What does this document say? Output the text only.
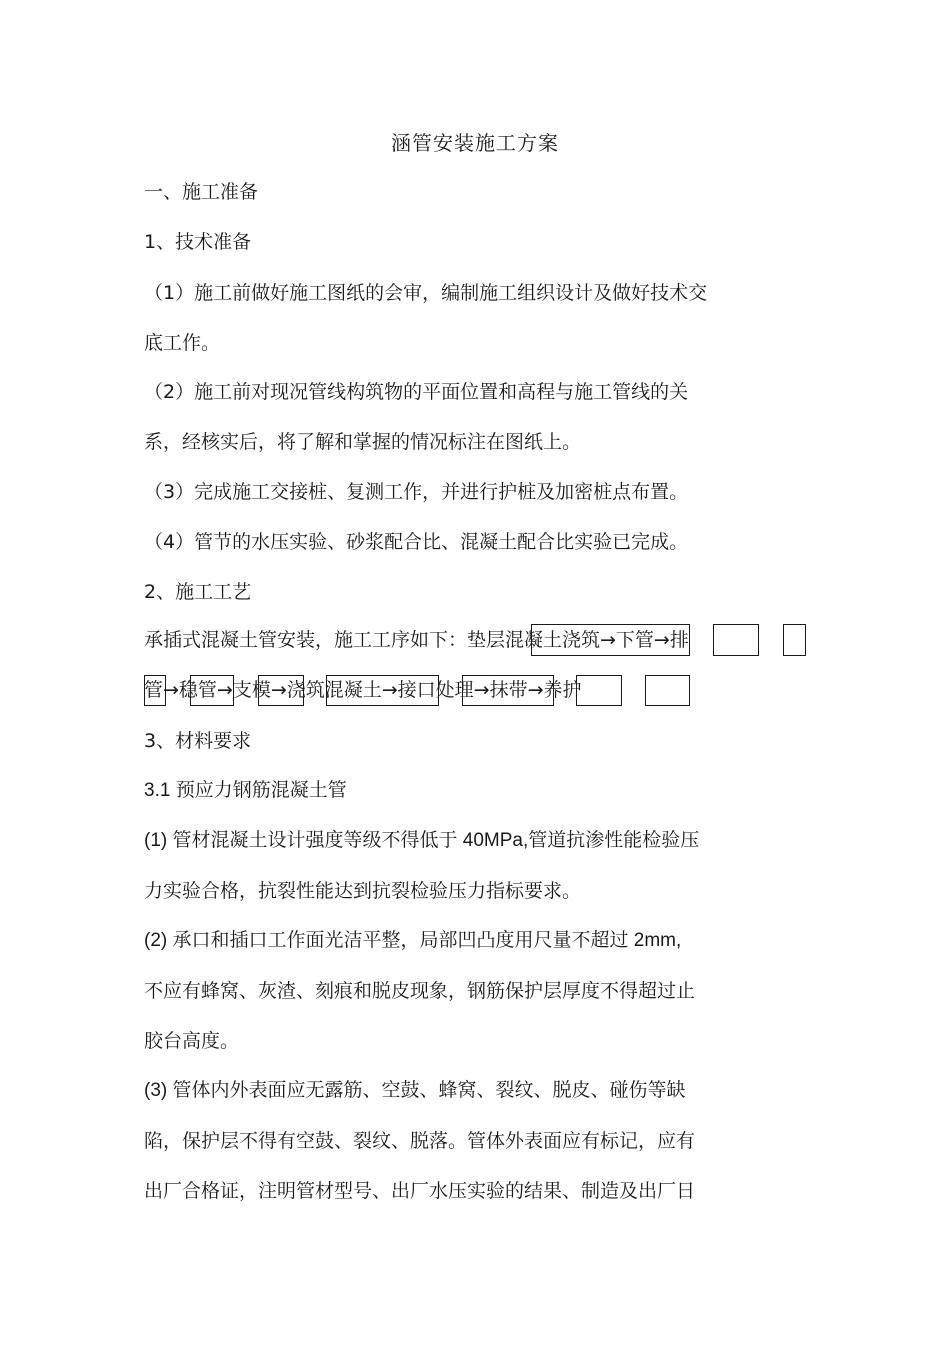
涵管安装施工方案
一、施工准备
1、技术准备
（1）施工前做好施工图纸的会审，编制施工组织设计及做好技术交
底工作。
（2）施工前对现况管线构筑物的平面位置和高程与施工管线的关
系，经核实后，将了解和掌握的情况标注在图纸上。
（3）完成施工交接桩、复测工作，并进行护桩及加密桩点布置。
（4）管节的水压实验、砂浆配合比、混凝土配合比实验已完成。
2、施工工艺
承插式混凝土管安装，施工工序如下：垫层混凝土浇筑→下管→排
管→稳管→支模→浇筑混凝土→接口处理→抹带→养护
3、材料要求
3.1 预应力钢筋混凝土管
(1) 管材混凝土设计强度等级不得低于 40MPa,管道抗渗性能检验压
力实验合格，抗裂性能达到抗裂检验压力指标要求。
(2) 承口和插口工作面光洁平整，局部凹凸度用尺量不超过 2mm,
不应有蜂窝、灰渣、刻痕和脱皮现象，钢筋保护层厚度不得超过止
胶台高度。
(3) 管体内外表面应无露筋、空鼓、蜂窝、裂纹、脱皮、碰伤等缺
陷，保护层不得有空鼓、裂纹、脱落。管体外表面应有标记，应有
出厂合格证，注明管材型号、出厂水压实验的结果、制造及出厂日
